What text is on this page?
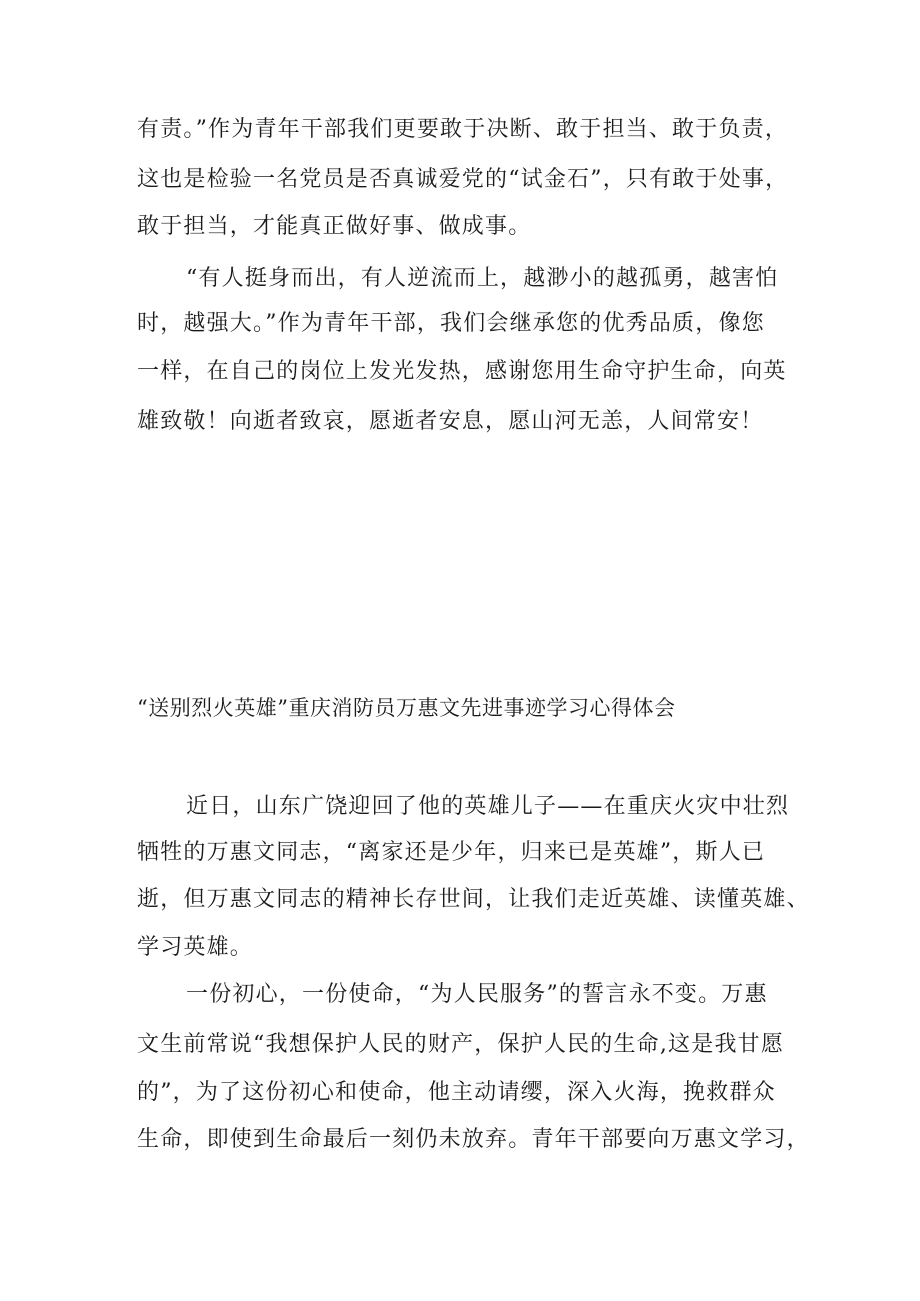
有责。”作为青年干部我们更要敢于决断、敢于担当、敢于负责，
这也是检验一名党员是否真诚爱党的“试金石”，只有敢于处事，
敢于担当，才能真正做好事、做成事。
“有人挺身而出，有人逆流而上，越渺小的越孤勇，越害怕
时，越强大。”作为青年干部，我们会继承您的优秀品质，像您
一样，在自己的岗位上发光发热，感谢您用生命守护生命，向英
雄致敬！向逝者致哀，愿逝者安息，愿山河无恙，人间常安！
“送别烈火英雄”重庆消防员万惠文先进事迹学习心得体会
近日，山东广饶迎回了他的英雄儿子——在重庆火灾中壮烈
牺牲的万惠文同志，“离家还是少年，归来已是英雄”，斯人已
逝，但万惠文同志的精神长存世间，让我们走近英雄、读懂英雄、
学习英雄。
一份初心，一份使命，“为人民服务”的誓言永不变。万惠
文生前常说“我想保护人民的财产，保护人民的生命,这是我甘愿
的”，为了这份初心和使命，他主动请缨，深入火海，挽救群众
生命，即使到生命最后一刻仍未放弃。青年干部要向万惠文学习，
